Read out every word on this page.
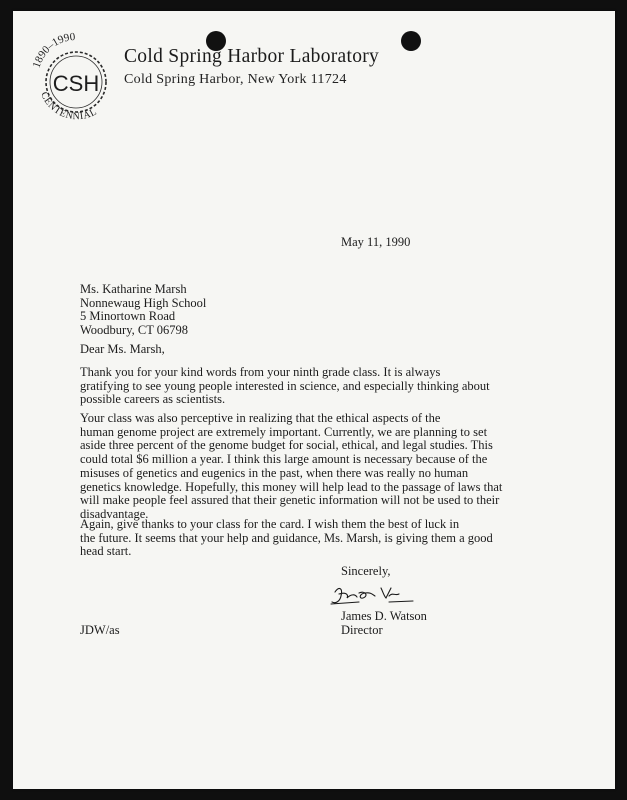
1890–1990
CSH
CENTENNIAL
Cold Spring Harbor Laboratory
Cold Spring Harbor, New York 11724
May 11, 1990
Ms. Katharine Marsh
Nonnewaug High School
5 Minortown Road
Woodbury, CT 06798
Dear Ms. Marsh,

Thank you for your kind words from your ninth grade class. It is always
gratifying to see young people interested in science, and especially thinking about
possible careers as scientists.

Your class was also perceptive in realizing that the ethical aspects of the
human genome project are extremely important. Currently, we are planning to set
aside three percent of the genome budget for social, ethical, and legal studies. This
could total $6 million a year. I think this large amount is necessary because of the
misuses of genetics and eugenics in the past, when there was really no human
genetics knowledge. Hopefully, this money will help lead to the passage of laws that
will make people feel assured that their genetic information will not be used to their
disadvantage.

Again, give thanks to your class for the card. I wish them the best of luck in
the future. It seems that your help and guidance, Ms. Marsh, is giving them a good
head start.

Sincerely,
James D. Watson
Director
JDW/as
